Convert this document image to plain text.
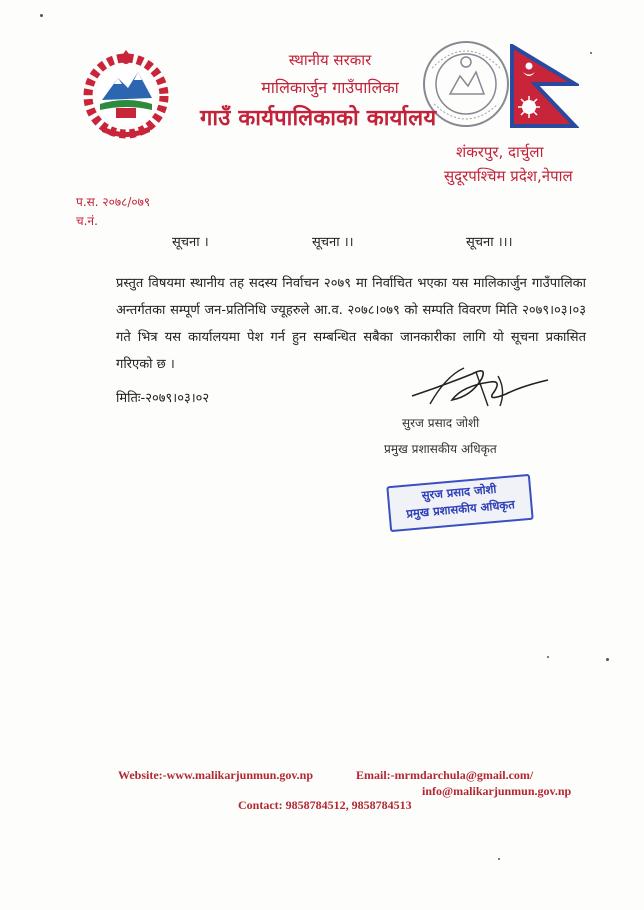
स्थानीय सरकार
मालिकार्जुन गाउँपालिका
गाउँ कार्यपालिकाको कार्यालय
शंकरपुर, दार्चुला
सुदूरपश्चिम प्रदेश,नेपाल
प.स. २०७८/०७९
च.नं.
सूचना ।	सूचना ।।	सूचना ।।।
प्रस्तुत विषयमा स्थानीय तह सदस्य निर्वाचन २०७९ मा निर्वाचित भएका यस मालिकार्जुन गाउँपालिका अन्तर्गतका सम्पूर्ण जन-प्रतिनिधि ज्यूहरुले आ.व. २०७८।०७९ को सम्पति विवरण मिति २०७९।०३।०३ गते भित्र यस कार्यालयमा पेश गर्न हुन सम्बन्धित सबैका जानकारीका लागि यो सूचना प्रकासित गरिएको छ ।
मितिः-२०७९।०३।०२
सुरज प्रसाद जोशी
प्रमुख प्रशासकीय अधिकृत
सुरज प्रसाद जोशी
प्रमुख प्रशासकीय अधिकृत
Website:-www.malikarjunmun.gov.np	Email:-mrmdarchula@gmail.com/
info@malikarjunmun.gov.np
Contact: 9858784512, 9858784513
